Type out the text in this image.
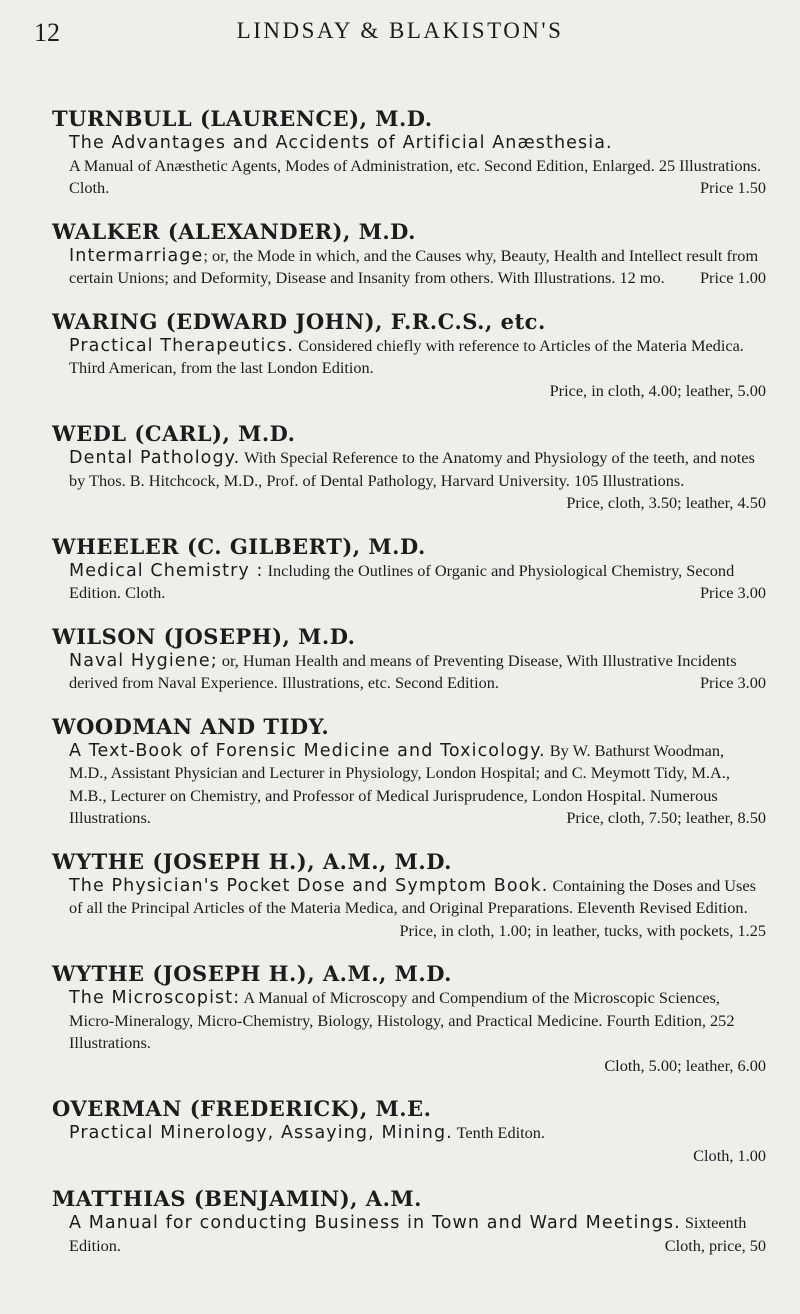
12	LINDSAY & BLAKISTON'S
TURNBULL (LAURENCE), M.D.
The Advantages and Accidents of Artificial Anæsthesia.
A Manual of Anæsthetic Agents, Modes of Administration, etc. Second Edition, Enlarged. 25 Illustrations. Cloth.	Price 1.50
WALKER (ALEXANDER), M.D.
Intermarriage; or, the Mode in which, and the Causes why, Beauty, Health and Intellect result from certain Unions; and Deformity, Disease and Insanity from others. With Illustrations. 12 mo. Price 1.00
WARING (EDWARD JOHN), F.R.C.S., etc.
Practical Therapeutics. Considered chiefly with reference to Articles of the Materia Medica. Third American, from the last London Edition.
Price, in cloth, 4.00; leather, 5.00
WEDL (CARL), M.D.
Dental Pathology. With Special Reference to the Anatomy and Physiology of the teeth, and notes by Thos. B. Hitchcock, M.D., Prof. of Dental Pathology, Harvard University. 105 Illustrations.
Price, cloth, 3.50; leather, 4.50
WHEELER (C. GILBERT), M.D.
Medical Chemistry : Including the Outlines of Organic and Physiological Chemistry, Second Edition. Cloth.	Price 3.00
WILSON (JOSEPH), M.D.
Naval Hygiene; or, Human Health and means of Preventing Disease, With Illustrative Incidents derived from Naval Experience. Illustrations, etc. Second Edition.	Price 3.00
WOODMAN AND TIDY.
A Text-Book of Forensic Medicine and Toxicology. By W. Bathurst Woodman, M.D., Assistant Physician and Lecturer in Physiology, London Hospital; and C. Meymott Tidy, M.A., M.B., Lecturer on Chemistry, and Professor of Medical Jurisprudence, London Hospital. Numerous Illustrations.	Price, cloth, 7.50; leather, 8.50
WYTHE (JOSEPH H.), A.M., M.D.
The Physician's Pocket Dose and Symptom Book. Containing the Doses and Uses of all the Principal Articles of the Materia Medica, and Original Preparations. Eleventh Revised Edition.
Price, in cloth, 1.00; in leather, tucks, with pockets, 1.25
WYTHE (JOSEPH H.), A.M., M.D.
The Microscopist: A Manual of Microscopy and Compendium of the Microscopic Sciences, Micro-Mineralogy, Micro-Chemistry, Biology, Histology, and Practical Medicine. Fourth Edition, 252 Illustrations.
Cloth, 5.00; leather, 6.00
OVERMAN (FREDERICK), M.E.
Practical Minerology, Assaying, Mining. Tenth Editon.
Cloth, 1.00
MATTHIAS (BENJAMIN), A.M.
A Manual for conducting Business in Town and Ward Meetings. Sixteenth Edition.	Cloth, price, 50
